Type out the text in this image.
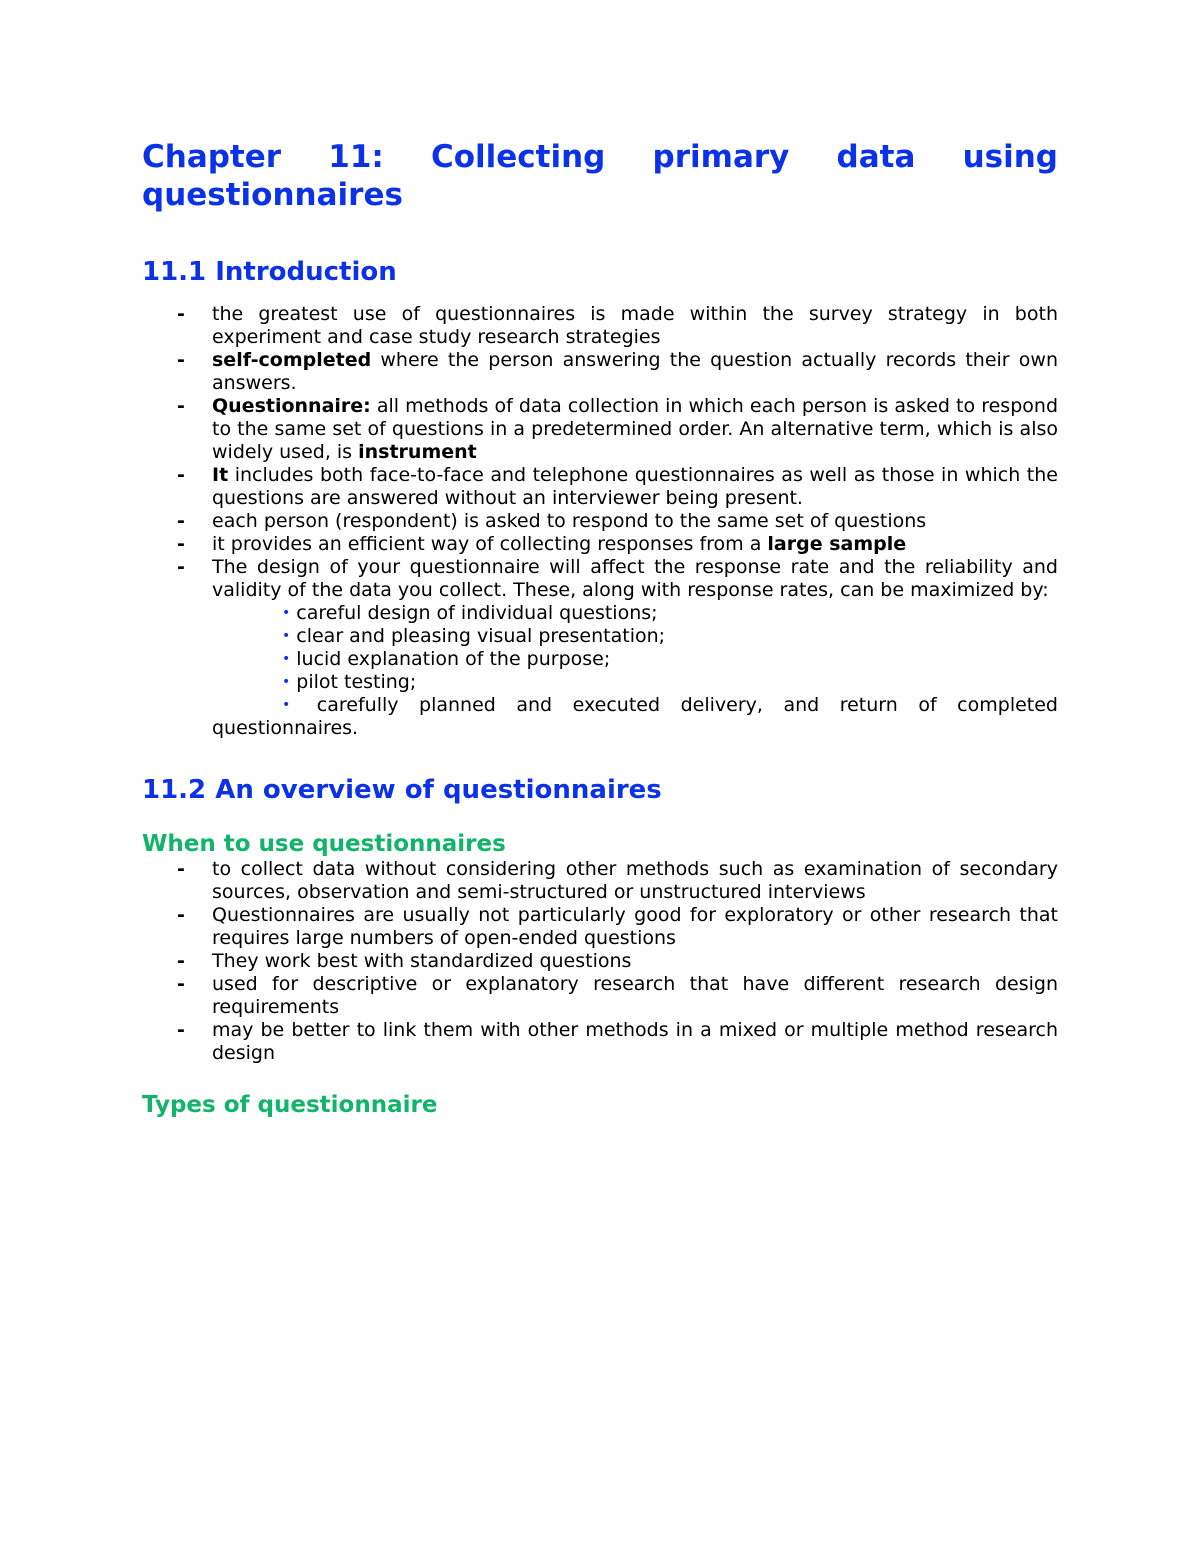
Chapter 11: Collecting primary data using
questionnaires
11.1 Introduction
- the greatest use of questionnaires is made within the survey strategy in both experiment and case study research strategies
- self-completed where the person answering the question actually records their own answers.
- Questionnaire: all methods of data collection in which each person is asked to respond to the same set of questions in a predetermined order. An alternative term, which is also widely used, is instrument
- It includes both face-to-face and telephone questionnaires as well as those in which the questions are answered without an interviewer being present.
- each person (respondent) is asked to respond to the same set of questions
- it provides an efficient way of collecting responses from a large sample
- The design of your questionnaire will affect the response rate and the reliability and validity of the data you collect. These, along with response rates, can be maximized by:
• careful design of individual questions;
• clear and pleasing visual presentation;
• lucid explanation of the purpose;
• pilot testing;
• carefully planned and executed delivery, and return of completed
questionnaires.
11.2 An overview of questionnaires
When to use questionnaires
- to collect data without considering other methods such as examination of secondary sources, observation and semi-structured or unstructured interviews
- Questionnaires are usually not particularly good for exploratory or other research that requires large numbers of open-ended questions
- They work best with standardized questions
- used for descriptive or explanatory research that have different research design requirements
- may be better to link them with other methods in a mixed or multiple method research design
Types of questionnaire
